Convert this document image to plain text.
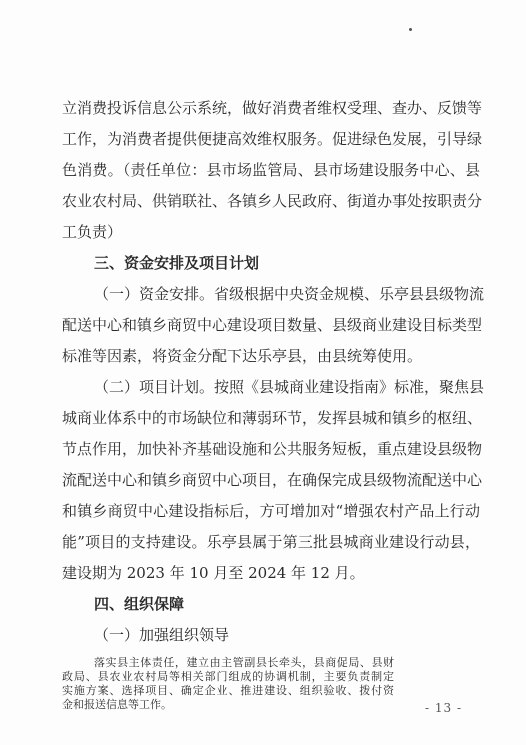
立消费投诉信息公示系统，做好消费者维权受理、查办、反馈等
工作，为消费者提供便捷高效维权服务。促进绿色发展，引导绿
色消费。（责任单位：县市场监管局、县市场建设服务中心、县
农业农村局、供销联社、各镇乡人民政府、街道办事处按职责分
工负责）
三、资金安排及项目计划
（一）资金安排。省级根据中央资金规模、乐亭县县级物流
配送中心和镇乡商贸中心建设项目数量、县级商业建设目标类型
标准等因素，将资金分配下达乐亭县，由县统筹使用。
（二）项目计划。按照《县城商业建设指南》标准，聚焦县
城商业体系中的市场缺位和薄弱环节，发挥县城和镇乡的枢纽、
节点作用，加快补齐基础设施和公共服务短板，重点建设县级物
流配送中心和镇乡商贸中心项目，在确保完成县级物流配送中心
和镇乡商贸中心建设指标后，方可增加对“增强农村产品上行动
能”项目的支持建设。乐亭县属于第三批县城商业建设行动县，
建设期为 2023 年 10 月至 2024 年 12 月。
四、组织保障
（一）加强组织领导
落实县主体责任，建立由主管副县长牵头，县商促局、县财
政局、县农业农村局等相关部门组成的协调机制，主要负责制定
实施方案、选择项目、确定企业、推进建设、组织验收、拨付资
金和报送信息等工作。	- 13 -
